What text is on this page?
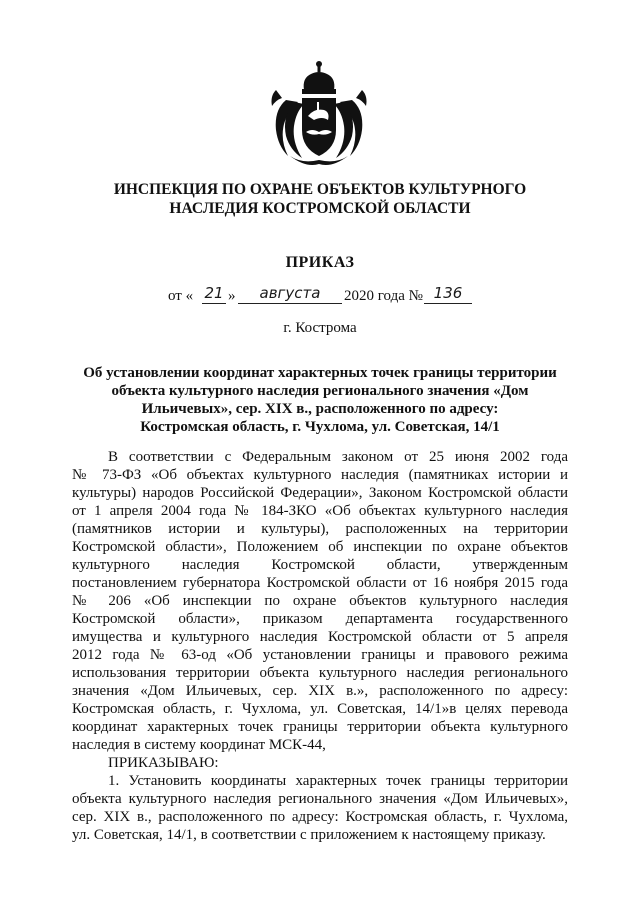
ИНСПЕКЦИЯ ПО ОХРАНЕ ОБЪЕКТОВ КУЛЬТУРНОГО
НАСЛЕДИЯ КОСТРОМСКОЙ ОБЛАСТИ
ПРИКАЗ
от « 21 »	августа	2020 года № 136
г. Кострома
Об установлении координат характерных точек границы территории
объекта культурного наследия регионального значения «Дом
Ильичевых», сер. XIX в., расположенного по адресу:
Костромская область, г. Чухлома, ул. Советская, 14/1
В соответствии с Федеральным законом от 25 июня 2002 года
№ 73-ФЗ «Об объектах культурного наследия (памятниках истории и
культуры) народов Российской Федерации», Законом Костромской области
от 1 апреля 2004 года № 184-ЗКО «Об объектах культурного наследия
(памятников истории и культуры), расположенных на территории
Костромской области», Положением об инспекции по охране объектов
культурного наследия Костромской области, утвержденным
постановлением губернатора Костромской области от 16 ноября 2015 года
№ 206 «Об инспекции по охране объектов культурного наследия
Костромской области», приказом департамента государственного
имущества и культурного наследия Костромской области от 5 апреля
2012 года № 63-од «Об установлении границы и правового режима
использования территории объекта культурного наследия регионального
значения «Дом Ильичевых, сер. XIX в.», расположенного по адресу:
Костромская область, г. Чухлома, ул. Советская, 14/1»в целях перевода
координат характерных точек границы территории объекта культурного
наследия в систему координат МСК-44,
ПРИКАЗЫВАЮ:
1. Установить координаты характерных точек границы территории
объекта культурного наследия регионального значения «Дом Ильичевых»,
сер. XIX в., расположенного по адресу: Костромская область, г. Чухлома,
ул. Советская, 14/1, в соответствии с приложением к настоящему приказу.
